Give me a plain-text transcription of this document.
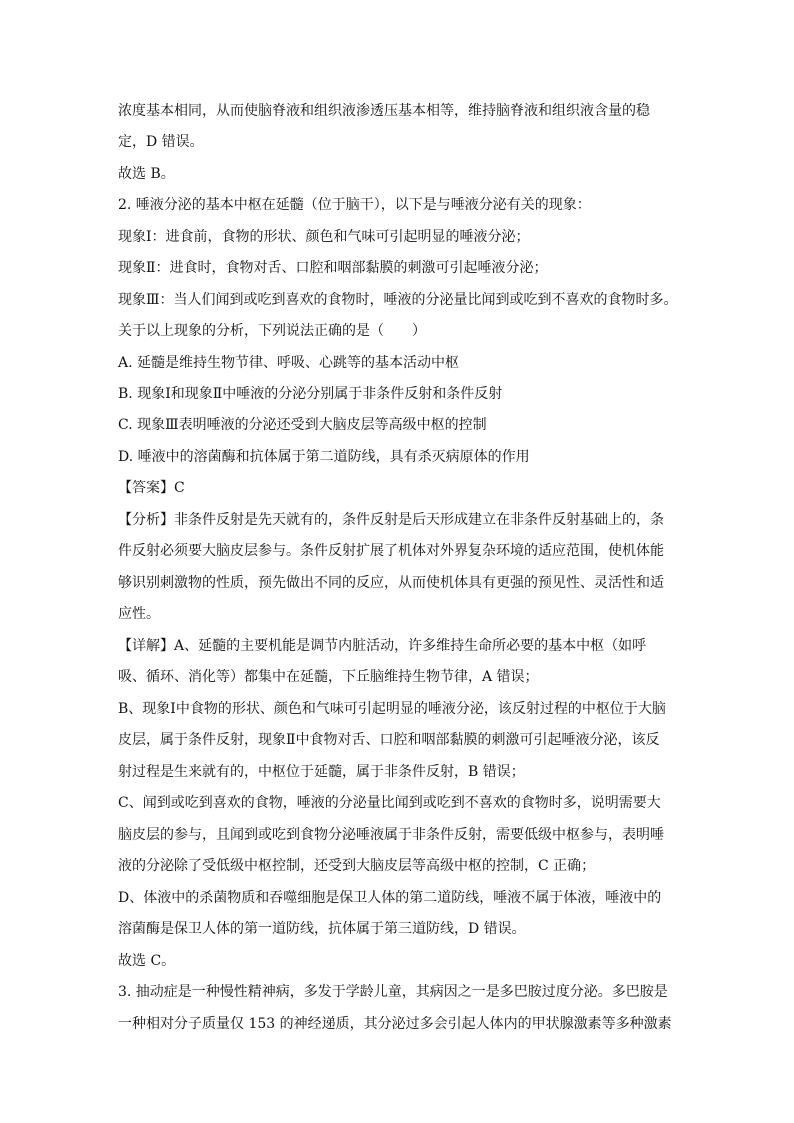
浓度基本相同，从而使脑脊液和组织液渗透压基本相等，维持脑脊液和组织液含量的稳
定，D 错误。
故选 B。
2. 唾液分泌的基本中枢在延髓（位于脑干），以下是与唾液分泌有关的现象：
现象Ⅰ：进食前，食物的形状、颜色和气味可引起明显的唾液分泌；
现象Ⅱ：进食时，食物对舌、口腔和咽部黏膜的刺激可引起唾液分泌；
现象Ⅲ：当人们闻到或吃到喜欢的食物时，唾液的分泌量比闻到或吃到不喜欢的食物时多。
关于以上现象的分析，下列说法正确的是（　　）
A. 延髓是维持生物节律、呼吸、心跳等的基本活动中枢
B. 现象Ⅰ和现象Ⅱ中唾液的分泌分别属于非条件反射和条件反射
C. 现象Ⅲ表明唾液的分泌还受到大脑皮层等高级中枢的控制
D. 唾液中的溶菌酶和抗体属于第二道防线，具有杀灭病原体的作用
【答案】C
【分析】非条件反射是先天就有的，条件反射是后天形成建立在非条件反射基础上的，条
件反射必须要大脑皮层参与。条件反射扩展了机体对外界复杂环境的适应范围，使机体能
够识别刺激物的性质，预先做出不同的反应，从而使机体具有更强的预见性、灵活性和适
应性。
【详解】A、延髓的主要机能是调节内脏活动，许多维持生命所必要的基本中枢（如呼
吸、循环、消化等）都集中在延髓，下丘脑维持生物节律，A 错误；
B、现象Ⅰ中食物的形状、颜色和气味可引起明显的唾液分泌，该反射过程的中枢位于大脑
皮层，属于条件反射，现象Ⅱ中食物对舌、口腔和咽部黏膜的刺激可引起唾液分泌，该反
射过程是生来就有的，中枢位于延髓，属于非条件反射，B 错误；
C、闻到或吃到喜欢的食物，唾液的分泌量比闻到或吃到不喜欢的食物时多，说明需要大
脑皮层的参与，且闻到或吃到食物分泌唾液属于非条件反射，需要低级中枢参与，表明唾
液的分泌除了受低级中枢控制，还受到大脑皮层等高级中枢的控制，C 正确；
D、体液中的杀菌物质和吞噬细胞是保卫人体的第二道防线，唾液不属于体液，唾液中的
溶菌酶是保卫人体的第一道防线，抗体属于第三道防线，D 错误。
故选 C。
3. 抽动症是一种慢性精神病，多发于学龄儿童，其病因之一是多巴胺过度分泌。多巴胺是
一种相对分子质量仅 153 的神经递质，其分泌过多会引起人体内的甲状腺激素等多种激素
